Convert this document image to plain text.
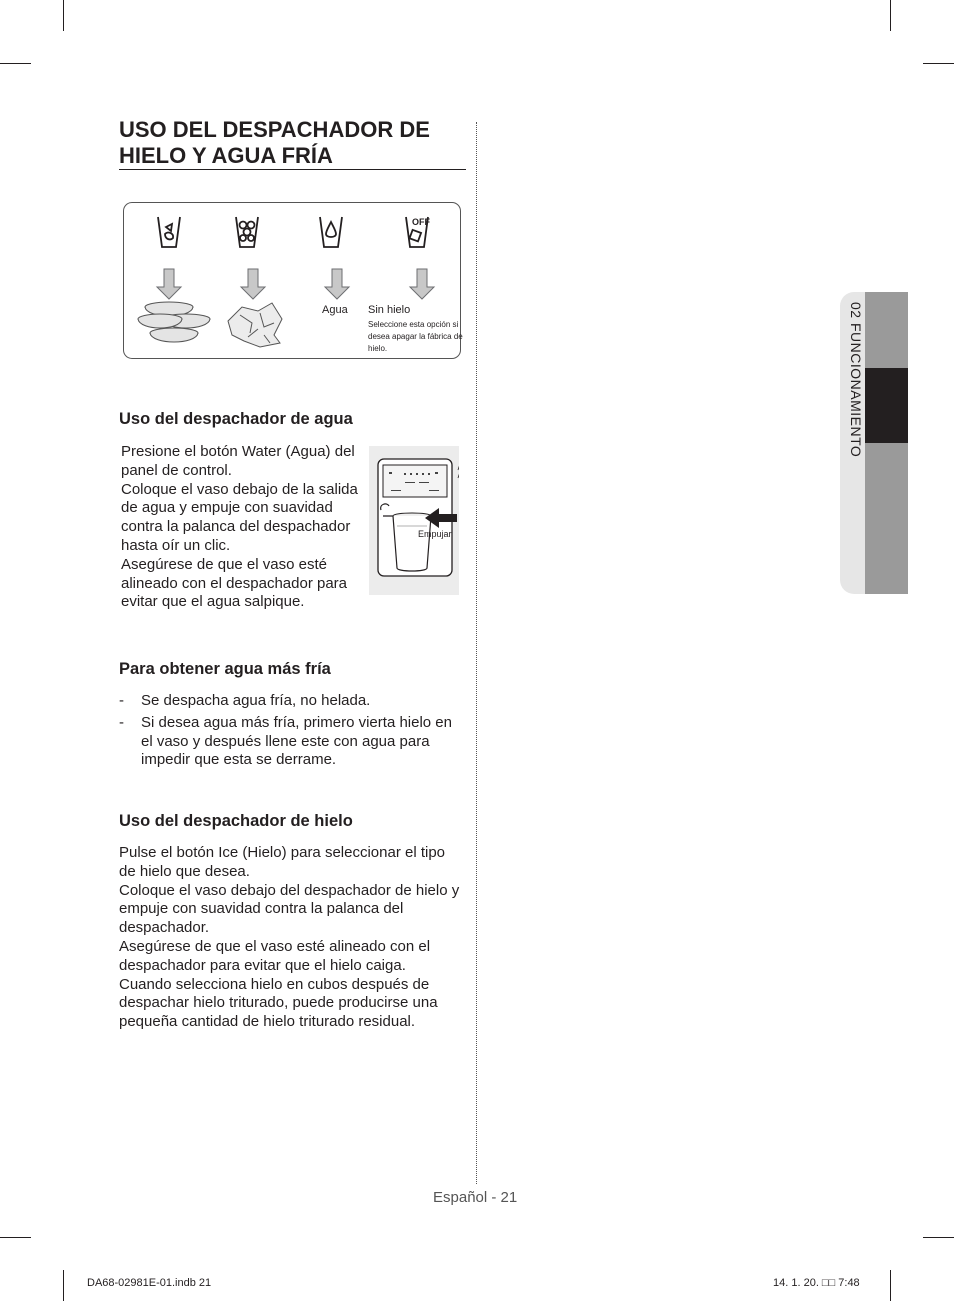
USO DEL DESPACHADOR DE HIELO Y AGUA FRÍA
OFF
Agua Sin hielo
Seleccione esta opción si desea apagar la fábrica de hielo.
Uso del despachador de agua

Presione el botón Water (Agua) del panel de control.

Coloque el vaso debajo de la salida de agua y empuje con suavidad contra la palanca del despachador hasta oír un clic.

Asegúrese de que el vaso esté alineado con el despachador para evitar que el agua salpique.

Empujar
Para obtener agua más fría
- Se despacha agua fría, no helada.
- Si desea agua más fría, primero vierta hielo en el vaso y después llene este con agua para impedir que esta se derrame.
Uso del despachador de hielo

Pulse el botón Ice (Hielo) para seleccionar el tipo de hielo que desea.

Coloque el vaso debajo del despachador de hielo y empuje con suavidad contra la palanca del despachador.

Asegúrese de que el vaso esté alineado con el despachador para evitar que el hielo caiga.

Cuando selecciona hielo en cubos después de despachar hielo triturado, puede producirse una pequeña cantidad de hielo triturado residual.

02 FUNCIONAMIENTO
Español - 21
DA68-02981E-01.indb 21	14. 1. 20. □□ 7:48
